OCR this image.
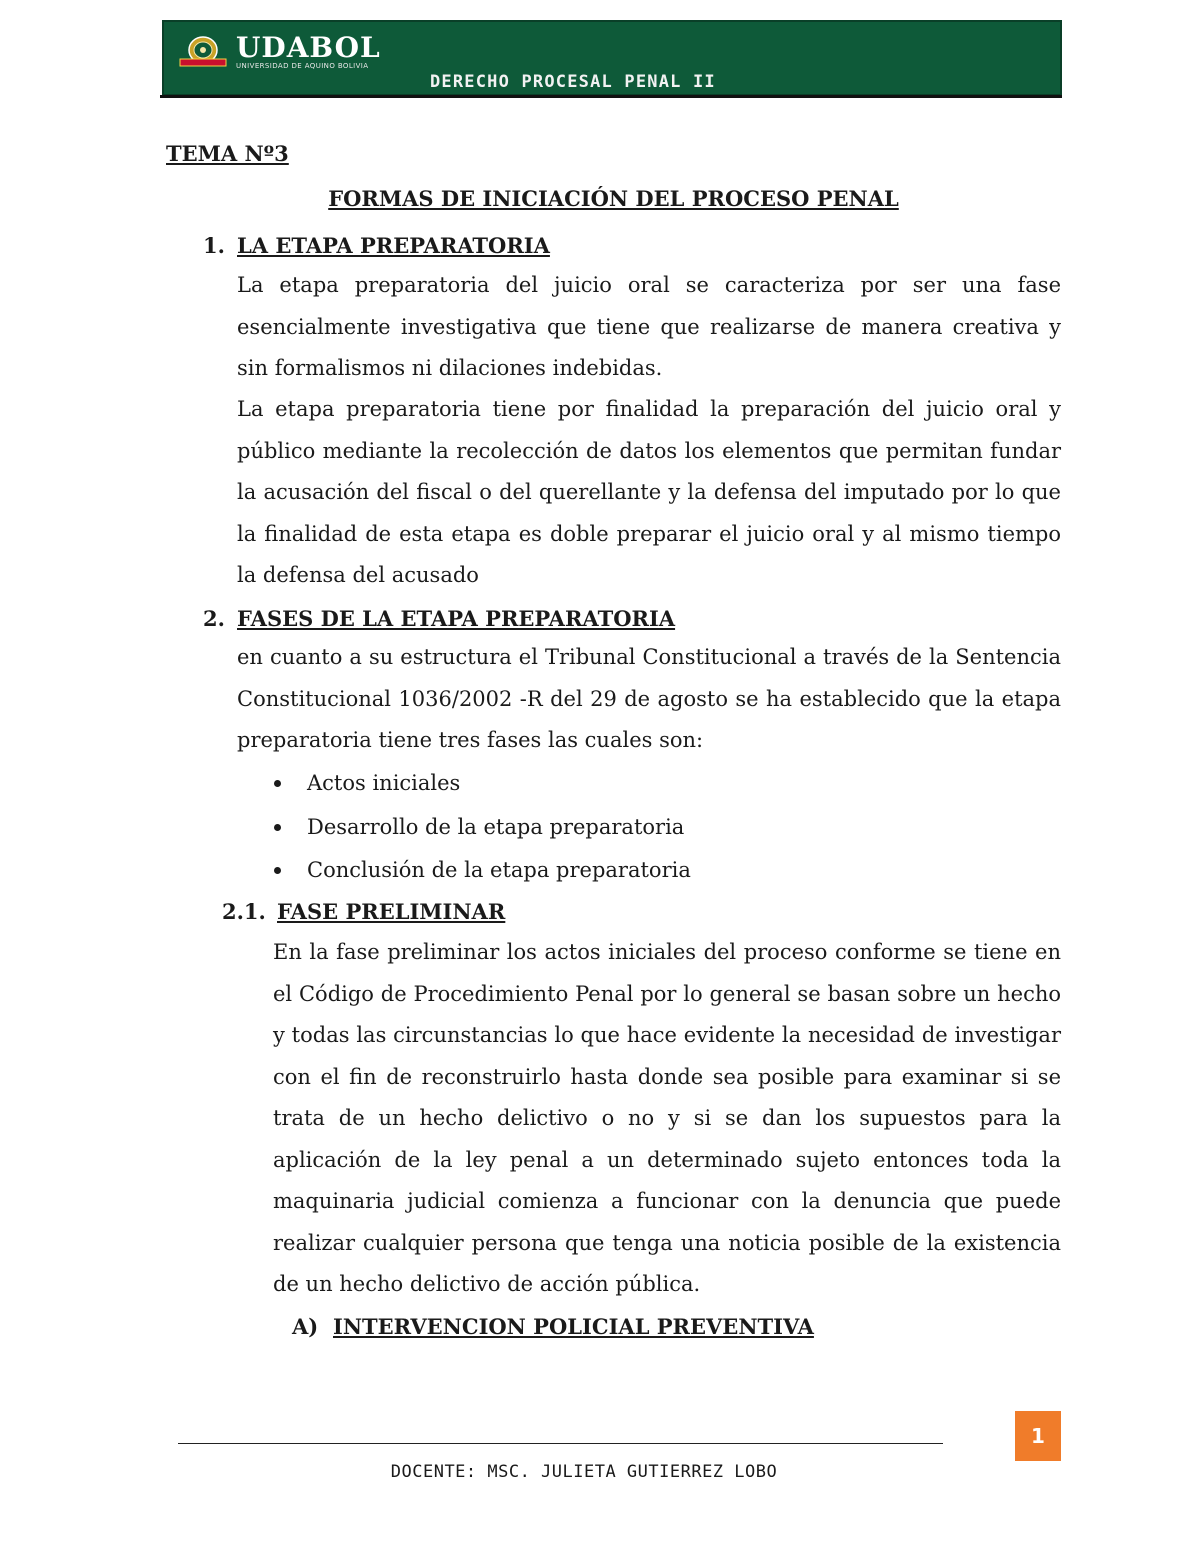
UDABOL
UNIVERSIDAD DE AQUINO BOLIVIA
DERECHO PROCESAL PENAL II
TEMA Nº3
FORMAS DE INICIACIÓN DEL PROCESO PENAL
1. LA ETAPA PREPARATORIA
La etapa preparatoria del juicio oral se caracteriza por ser una fase esencialmente investigativa que tiene que realizarse de manera creativa y sin formalismos ni dilaciones indebidas.
La etapa preparatoria tiene por finalidad la preparación del juicio oral y público mediante la recolección de datos los elementos que permitan fundar la acusación del fiscal o del querellante y la defensa del imputado por lo que la finalidad de esta etapa es doble preparar el juicio oral y al mismo tiempo la defensa del acusado
2. FASES DE LA ETAPA PREPARATORIA
en cuanto a su estructura el Tribunal Constitucional a través de la Sentencia Constitucional 1036/2002 -R del 29 de agosto se ha establecido que la etapa preparatoria tiene tres fases las cuales son:
Actos iniciales
Desarrollo de la etapa preparatoria
Conclusión de la etapa preparatoria
2.1. FASE PRELIMINAR
En la fase preliminar los actos iniciales del proceso conforme se tiene en el Código de Procedimiento Penal por lo general se basan sobre un hecho y todas las circunstancias lo que hace evidente la necesidad de investigar con el fin de reconstruirlo hasta donde sea posible para examinar si se trata de un hecho delictivo o no y si se dan los supuestos para la aplicación de la ley penal a un determinado sujeto entonces toda la maquinaria judicial comienza a funcionar con la denuncia que puede realizar cualquier persona que tenga una noticia posible de la existencia de un hecho delictivo de acción pública.
A) INTERVENCION POLICIAL PREVENTIVA
1
DOCENTE: MSC. JULIETA GUTIERREZ LOBO
